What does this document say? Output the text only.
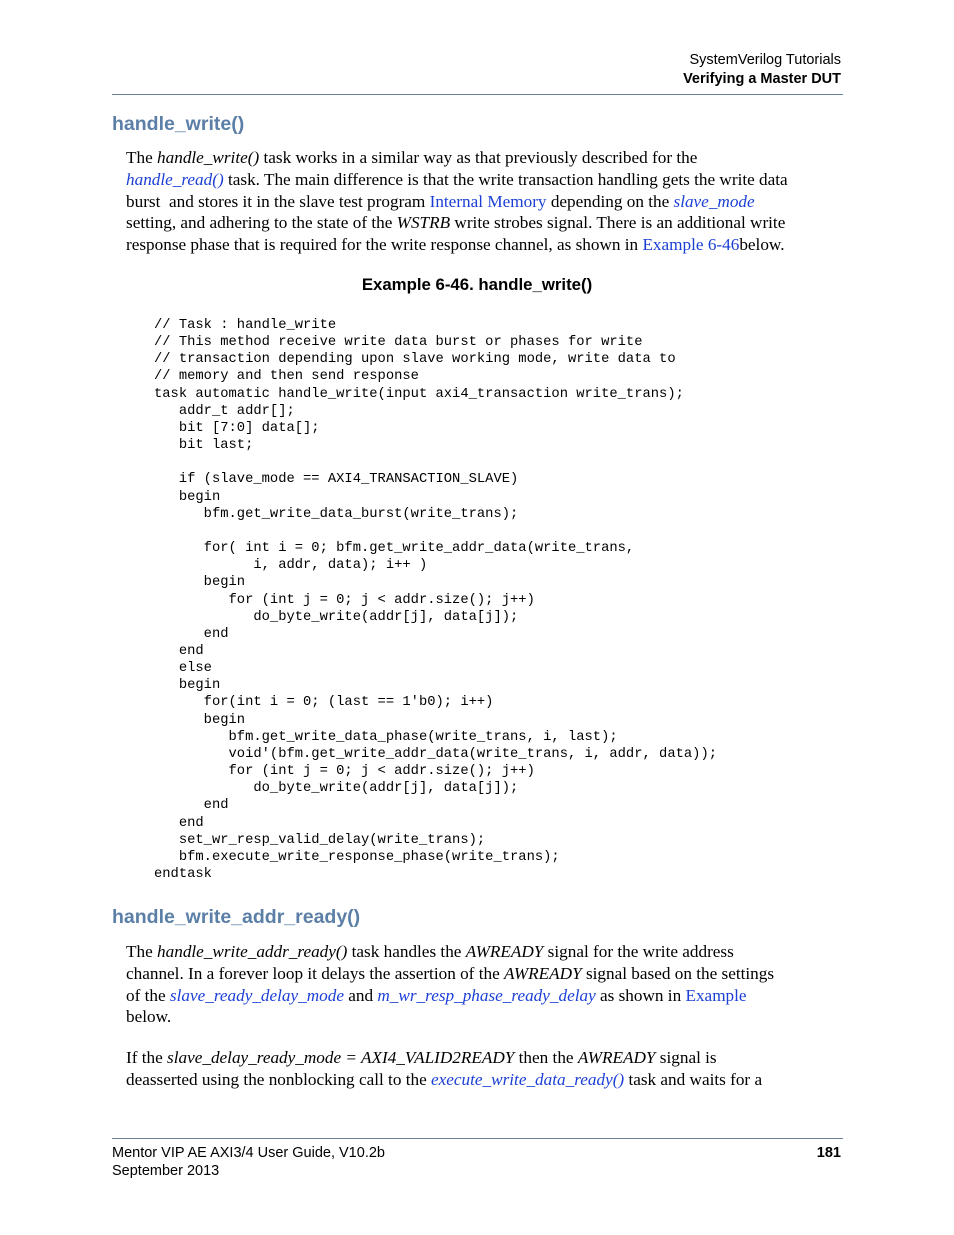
SystemVerilog Tutorials
Verifying a Master DUT
handle_write()

The handle_write() task works in a similar way as that previously described for the
handle_read() task. The main difference is that the write transaction handling gets the write data
burst  and stores it in the slave test program Internal Memory depending on the slave_mode
setting, and adhering to the state of the WSTRB write strobes signal. There is an additional write
response phase that is required for the write response channel, as shown in Example 6-46below.

Example 6-46. handle_write()
// Task : handle_write
// This method receive write data burst or phases for write
// transaction depending upon slave working mode, write data to
// memory and then send response
task automatic handle_write(input axi4_transaction write_trans);
addr_t addr[];
bit [7:0] data[];
bit last;

if (slave_mode == AXI4_TRANSACTION_SLAVE)
begin
bfm.get_write_data_burst(write_trans);

for( int i = 0; bfm.get_write_addr_data(write_trans,
i, addr, data); i++ )
begin
for (int j = 0; j < addr.size(); j++)
do_byte_write(addr[j], data[j]);
end
end
else
begin
for(int i = 0; (last == 1'b0); i++)
begin
bfm.get_write_data_phase(write_trans, i, last);
void'(bfm.get_write_addr_data(write_trans, i, addr, data));
for (int j = 0; j < addr.size(); j++)
do_byte_write(addr[j], data[j]);
end
end
set_wr_resp_valid_delay(write_trans);
bfm.execute_write_response_phase(write_trans);
endtask
handle_write_addr_ready()

The handle_write_addr_ready() task handles the AWREADY signal for the write address
channel. In a forever loop it delays the assertion of the AWREADY signal based on the settings
of the slave_ready_delay_mode and m_wr_resp_phase_ready_delay as shown in Example
below.

If the slave_delay_ready_mode = AXI4_VALID2READY then the AWREADY signal is
deasserted using the nonblocking call to the execute_write_data_ready() task and waits for a

Mentor VIP AE AXI3/4 User Guide, V10.2b
September 2013
181
